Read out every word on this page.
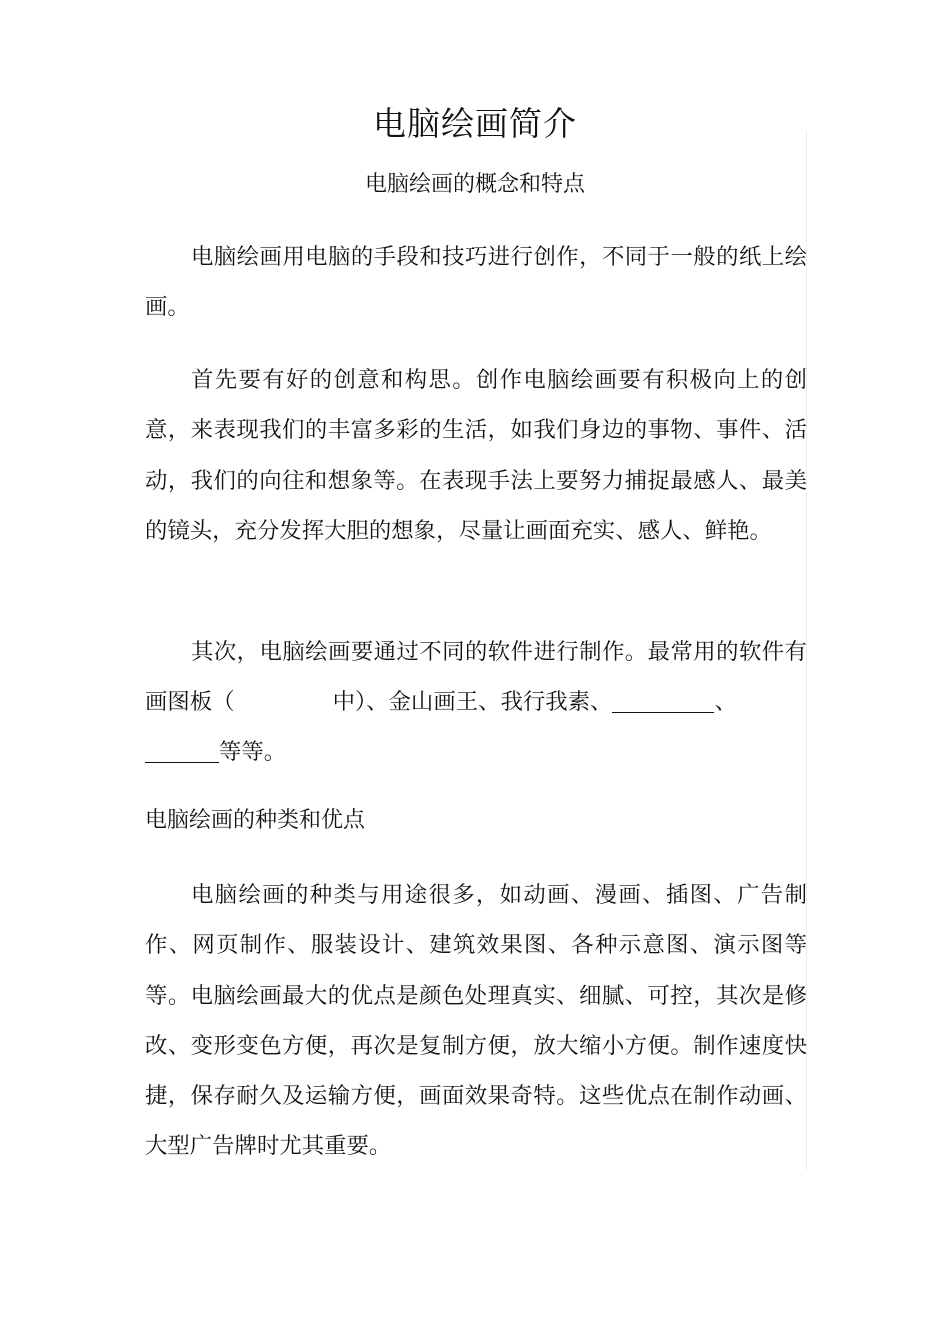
电脑绘画简介
电脑绘画的概念和特点

电脑绘画用电脑的手段和技巧进行创作，不同于一般的纸上绘画。

首先要有好的创意和构思。创作电脑绘画要有积极向上的创意，来表现我们的丰富多彩的生活，如我们身边的事物、事件、活动，我们的向往和想象等。在表现手法上要努力捕捉最感人、最美的镜头，充分发挥大胆的想象，尽量让画面充实、感人、鲜艳。

其次，电脑绘画要通过不同的软件进行制作。最常用的软件有画图板（	中）、金山画王、我行我素、	、
等等。

电脑绘画的种类和优点

电脑绘画的种类与用途很多，如动画、漫画、插图、广告制作、网页制作、服装设计、建筑效果图、各种示意图、演示图等等。电脑绘画最大的优点是颜色处理真实、细腻、可控，其次是修改、变形变色方便，再次是复制方便，放大缩小方便。制作速度快捷，保存耐久及运输方便，画面效果奇特。这些优点在制作动画、大型广告牌时尤其重要。
